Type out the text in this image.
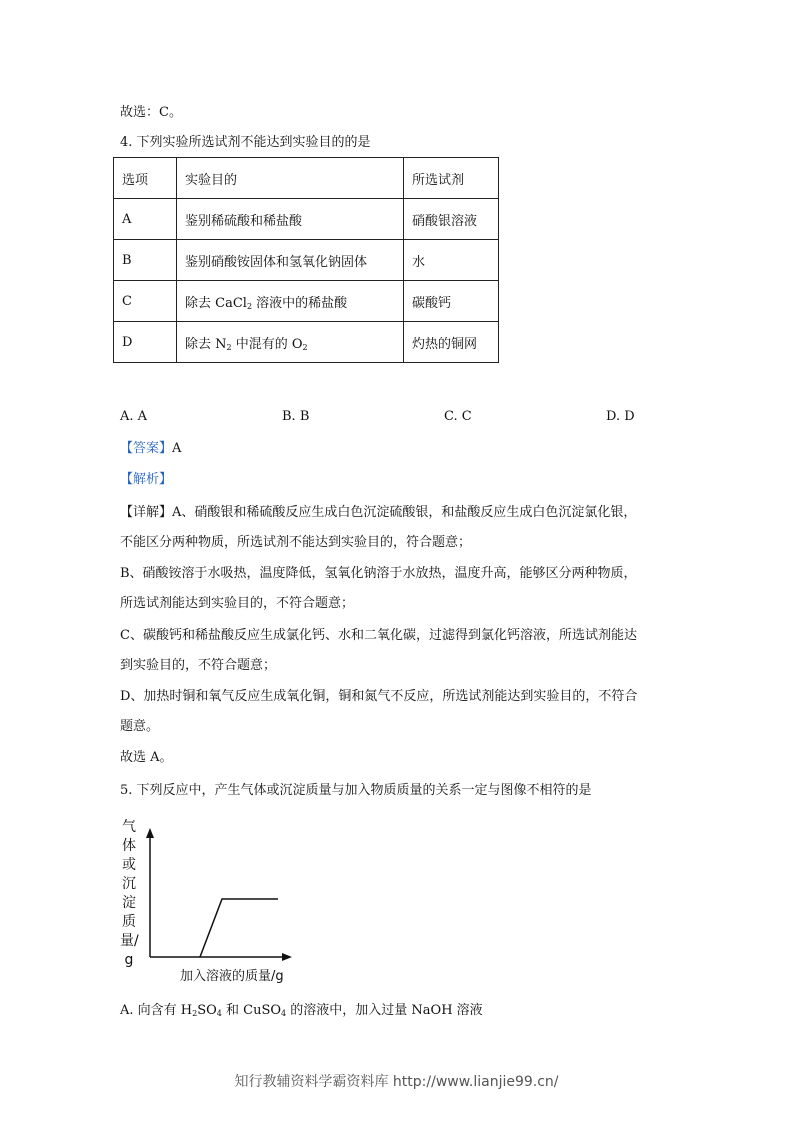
故选：C。
4. 下列实验所选试剂不能达到实验目的的是
选项	实验目的	所选试剂
A	鉴别稀硫酸和稀盐酸	硝酸银溶液
B	鉴别硝酸铵固体和氢氧化钠固体	水
C	除去 CaCl$_2$ 溶液中的稀盐酸	碳酸钙
D	除去 $N_2$ 中混有的 $O_2$	灼热的铜网
A. A	B. B	C. C	D. D
【答案】A
【解析】
【详解】A、硝酸银和稀硫酸反应生成白色沉淀硫酸银，和盐酸反应生成白色沉淀氯化银，
不能区分两种物质，所选试剂不能达到实验目的，符合题意；
B、硝酸铵溶于水吸热，温度降低，氢氧化钠溶于水放热，温度升高，能够区分两种物质，
所选试剂能达到实验目的，不符合题意；
C、碳酸钙和稀盐酸反应生成氯化钙、水和二氧化碳，过滤得到氯化钙溶液，所选试剂能达
到实验目的，不符合题意；
D、加热时铜和氧气反应生成氧化铜，铜和氮气不反应，所选试剂能达到实验目的，不符合
题意。
故选 A。
5. 下列反应中，产生气体或沉淀质量与加入物质质量的关系一定与图像不相符的是
气体或沉淀质量/g
加入溶液的质量/g
A. 向含有 $H_2SO_4$ 和 CuSO$_4$ 的溶液中，加入过量 NaOH 溶液
知行教辅资料学霸资料库 http://www.lianjie99.cn/
